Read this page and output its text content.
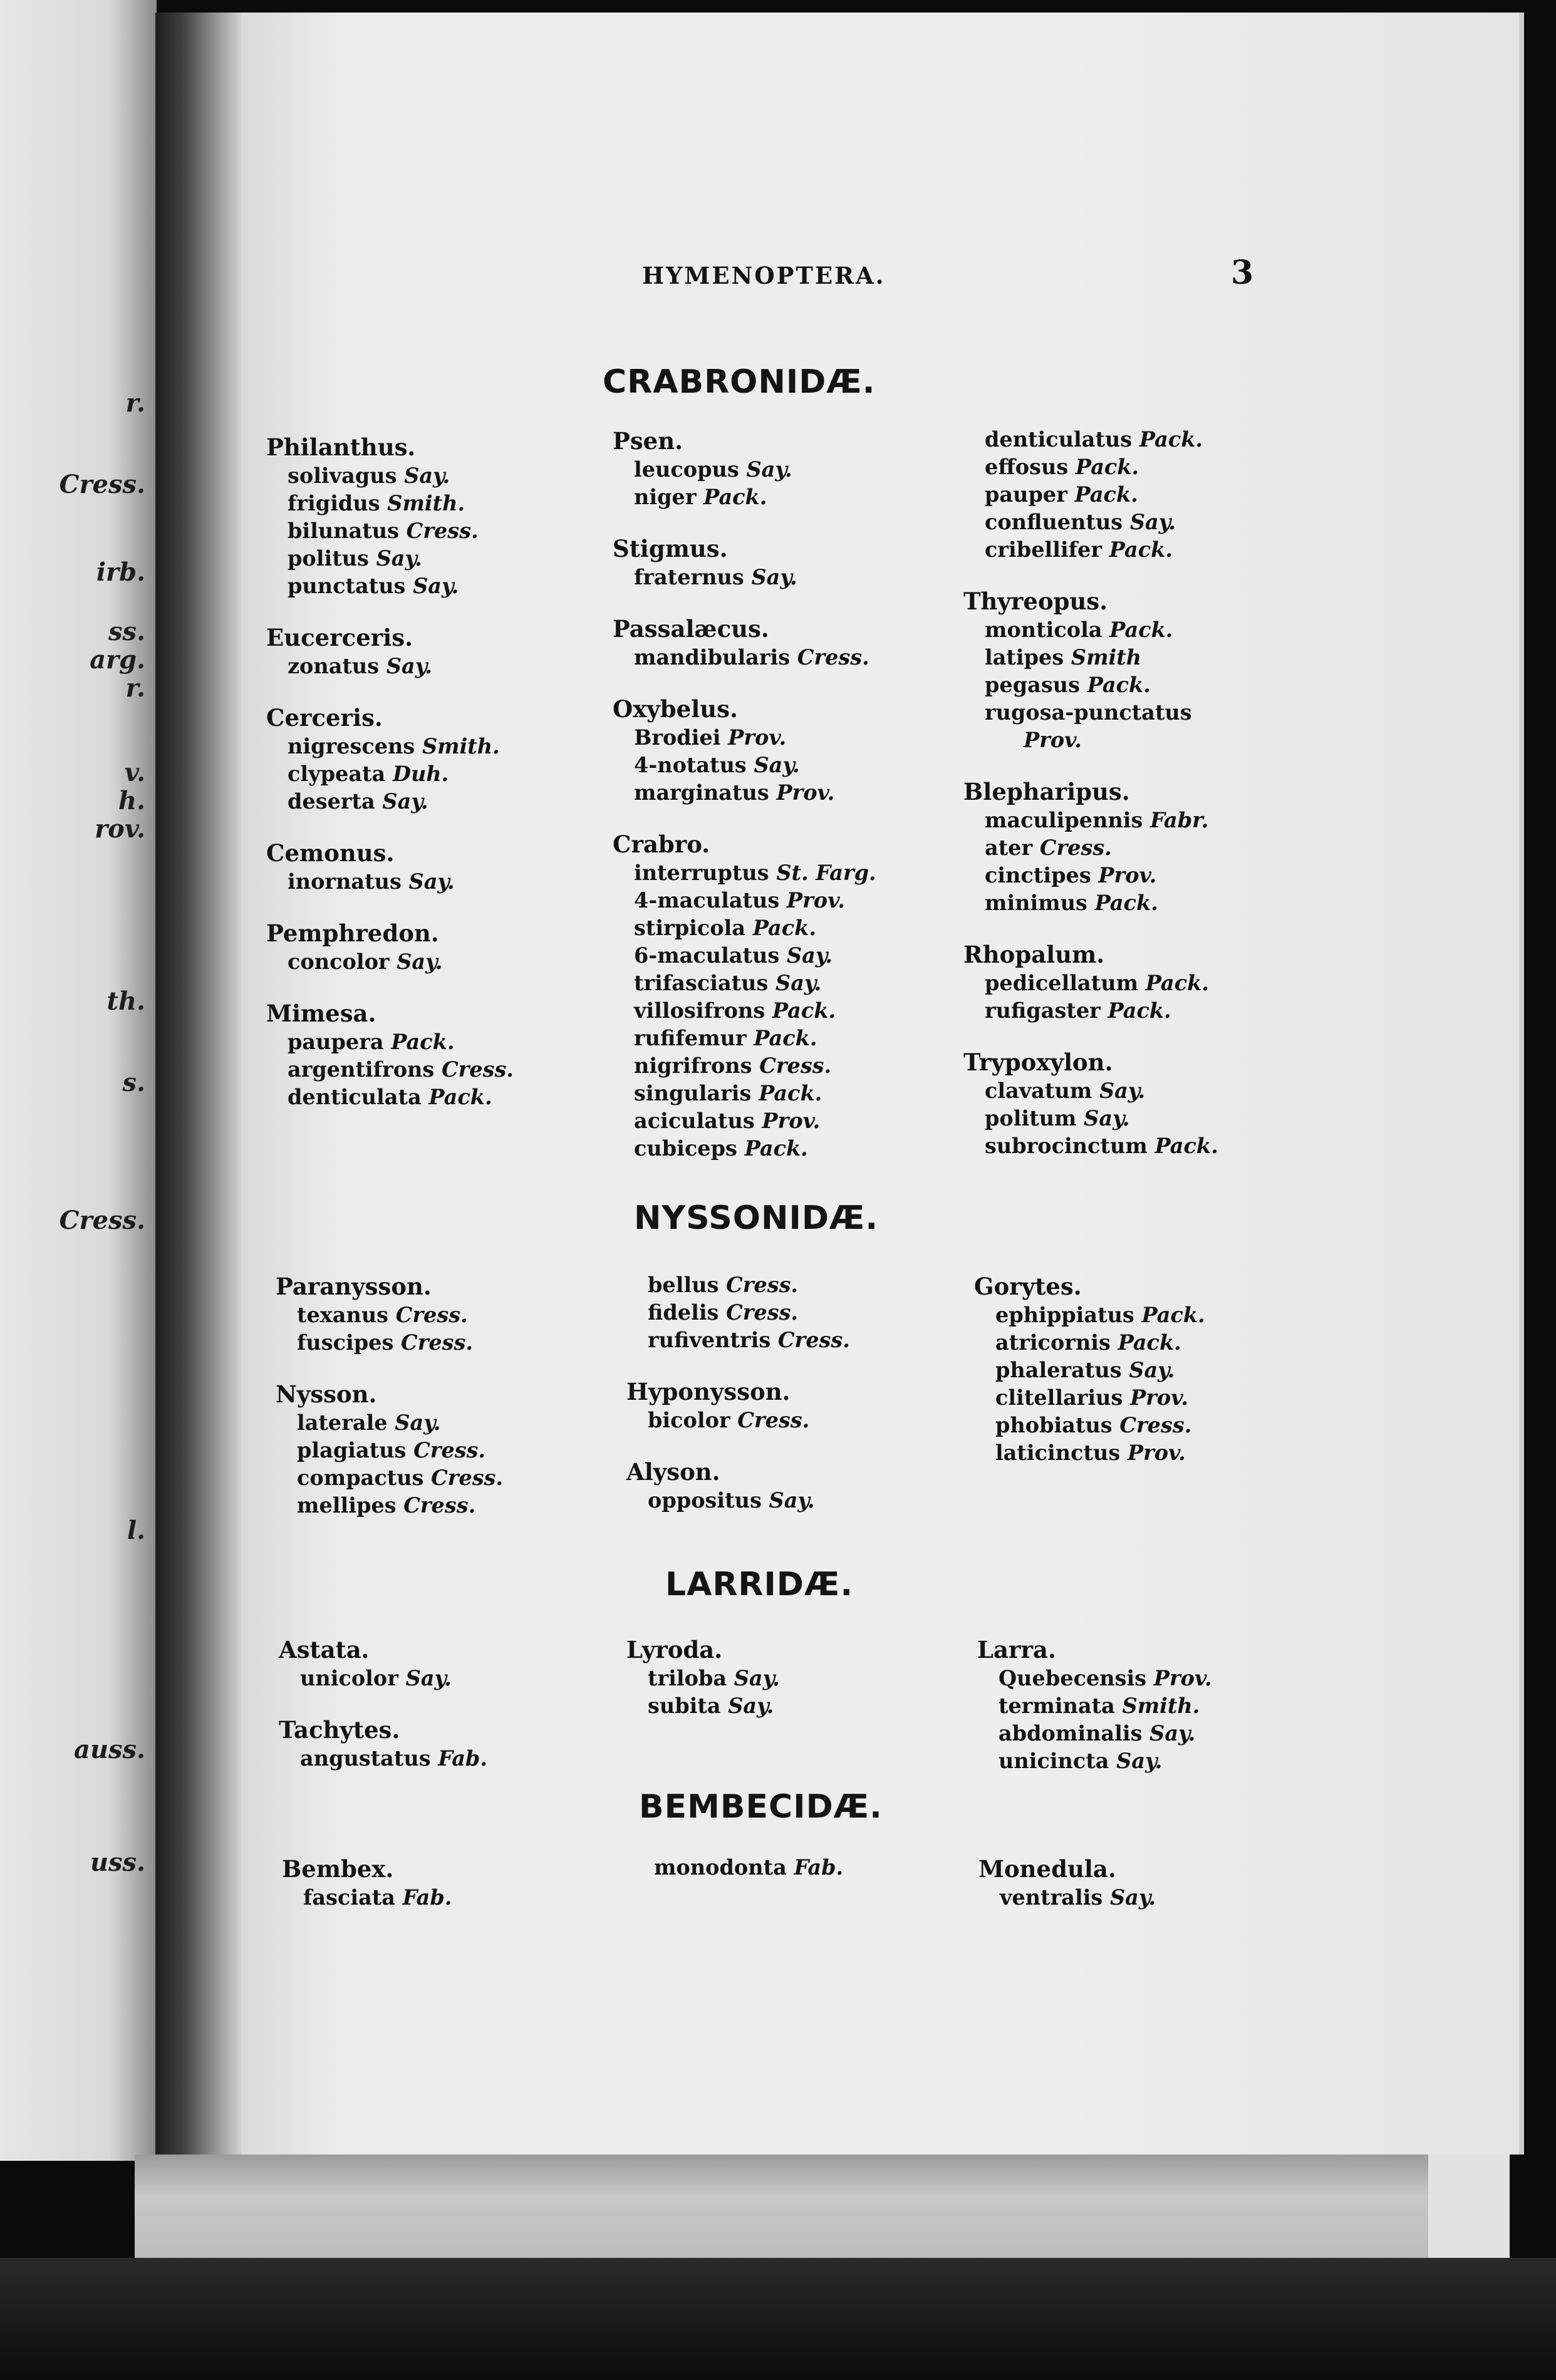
r.
Cress.
irb.
ss.
arg.
r.
v.
h.
rov.
th.
s.
Cress.
l.
auss.
uss.
HYMENOPTERA.	3
CRABRONIDÆ.
NYSSONIDÆ.
LARRIDÆ.
BEMBECIDÆ.
Philanthus.
solivagus Say.
frigidus Smith.
bilunatus Cress.
politus Say.
punctatus Say.
Eucerceris.
zonatus Say.
Cerceris.
nigrescens Smith.
clypeata Duh.
deserta Say.
Cemonus.
inornatus Say.
Pemphredon.
concolor Say.
Mimesa.
paupera Pack.
argentifrons Cress.
denticulata Pack.
Psen.
leucopus Say.
niger Pack.
Stigmus.
fraternus Say.
Passalæcus.
mandibularis Cress.
Oxybelus.
Brodiei Prov.
4-notatus Say.
marginatus Prov.
Crabro.
interruptus St. Farg.
4-maculatus Prov.
stirpicola Pack.
6-maculatus Say.
trifasciatus Say.
villosifrons Pack.
rufifemur Pack.
nigrifrons Cress.
singularis Pack.
aciculatus Prov.
cubiceps Pack.
denticulatus Pack.
effosus Pack.
pauper Pack.
confluentus Say.
cribellifer Pack.
Thyreopus.
monticola Pack.
latipes Smith
pegasus Pack.
rugosa-punctatus
Prov.
Blepharipus.
maculipennis Fabr.
ater Cress.
cinctipes Prov.
minimus Pack.
Rhopalum.
pedicellatum Pack.
rufigaster Pack.
Trypoxylon.
clavatum Say.
politum Say.
subrocinctum Pack.
Paranysson.
texanus Cress.
fuscipes Cress.
Nysson.
laterale Say.
plagiatus Cress.
compactus Cress.
mellipes Cress.
bellus Cress.
fidelis Cress.
rufiventris Cress.
Hyponysson.
bicolor Cress.
Alyson.
oppositus Say.
Gorytes.
ephippiatus Pack.
atricornis Pack.
phaleratus Say.
clitellarius Prov.
phobiatus Cress.
laticinctus Prov.
Astata.
unicolor Say.
Tachytes.
angustatus Fab.
Lyroda.
triloba Say.
subita Say.
Larra.
Quebecensis Prov.
terminata Smith.
abdominalis Say.
unicincta Say.
Bembex.
fasciata Fab.
monodonta Fab.	Monedula.
ventralis Say.
